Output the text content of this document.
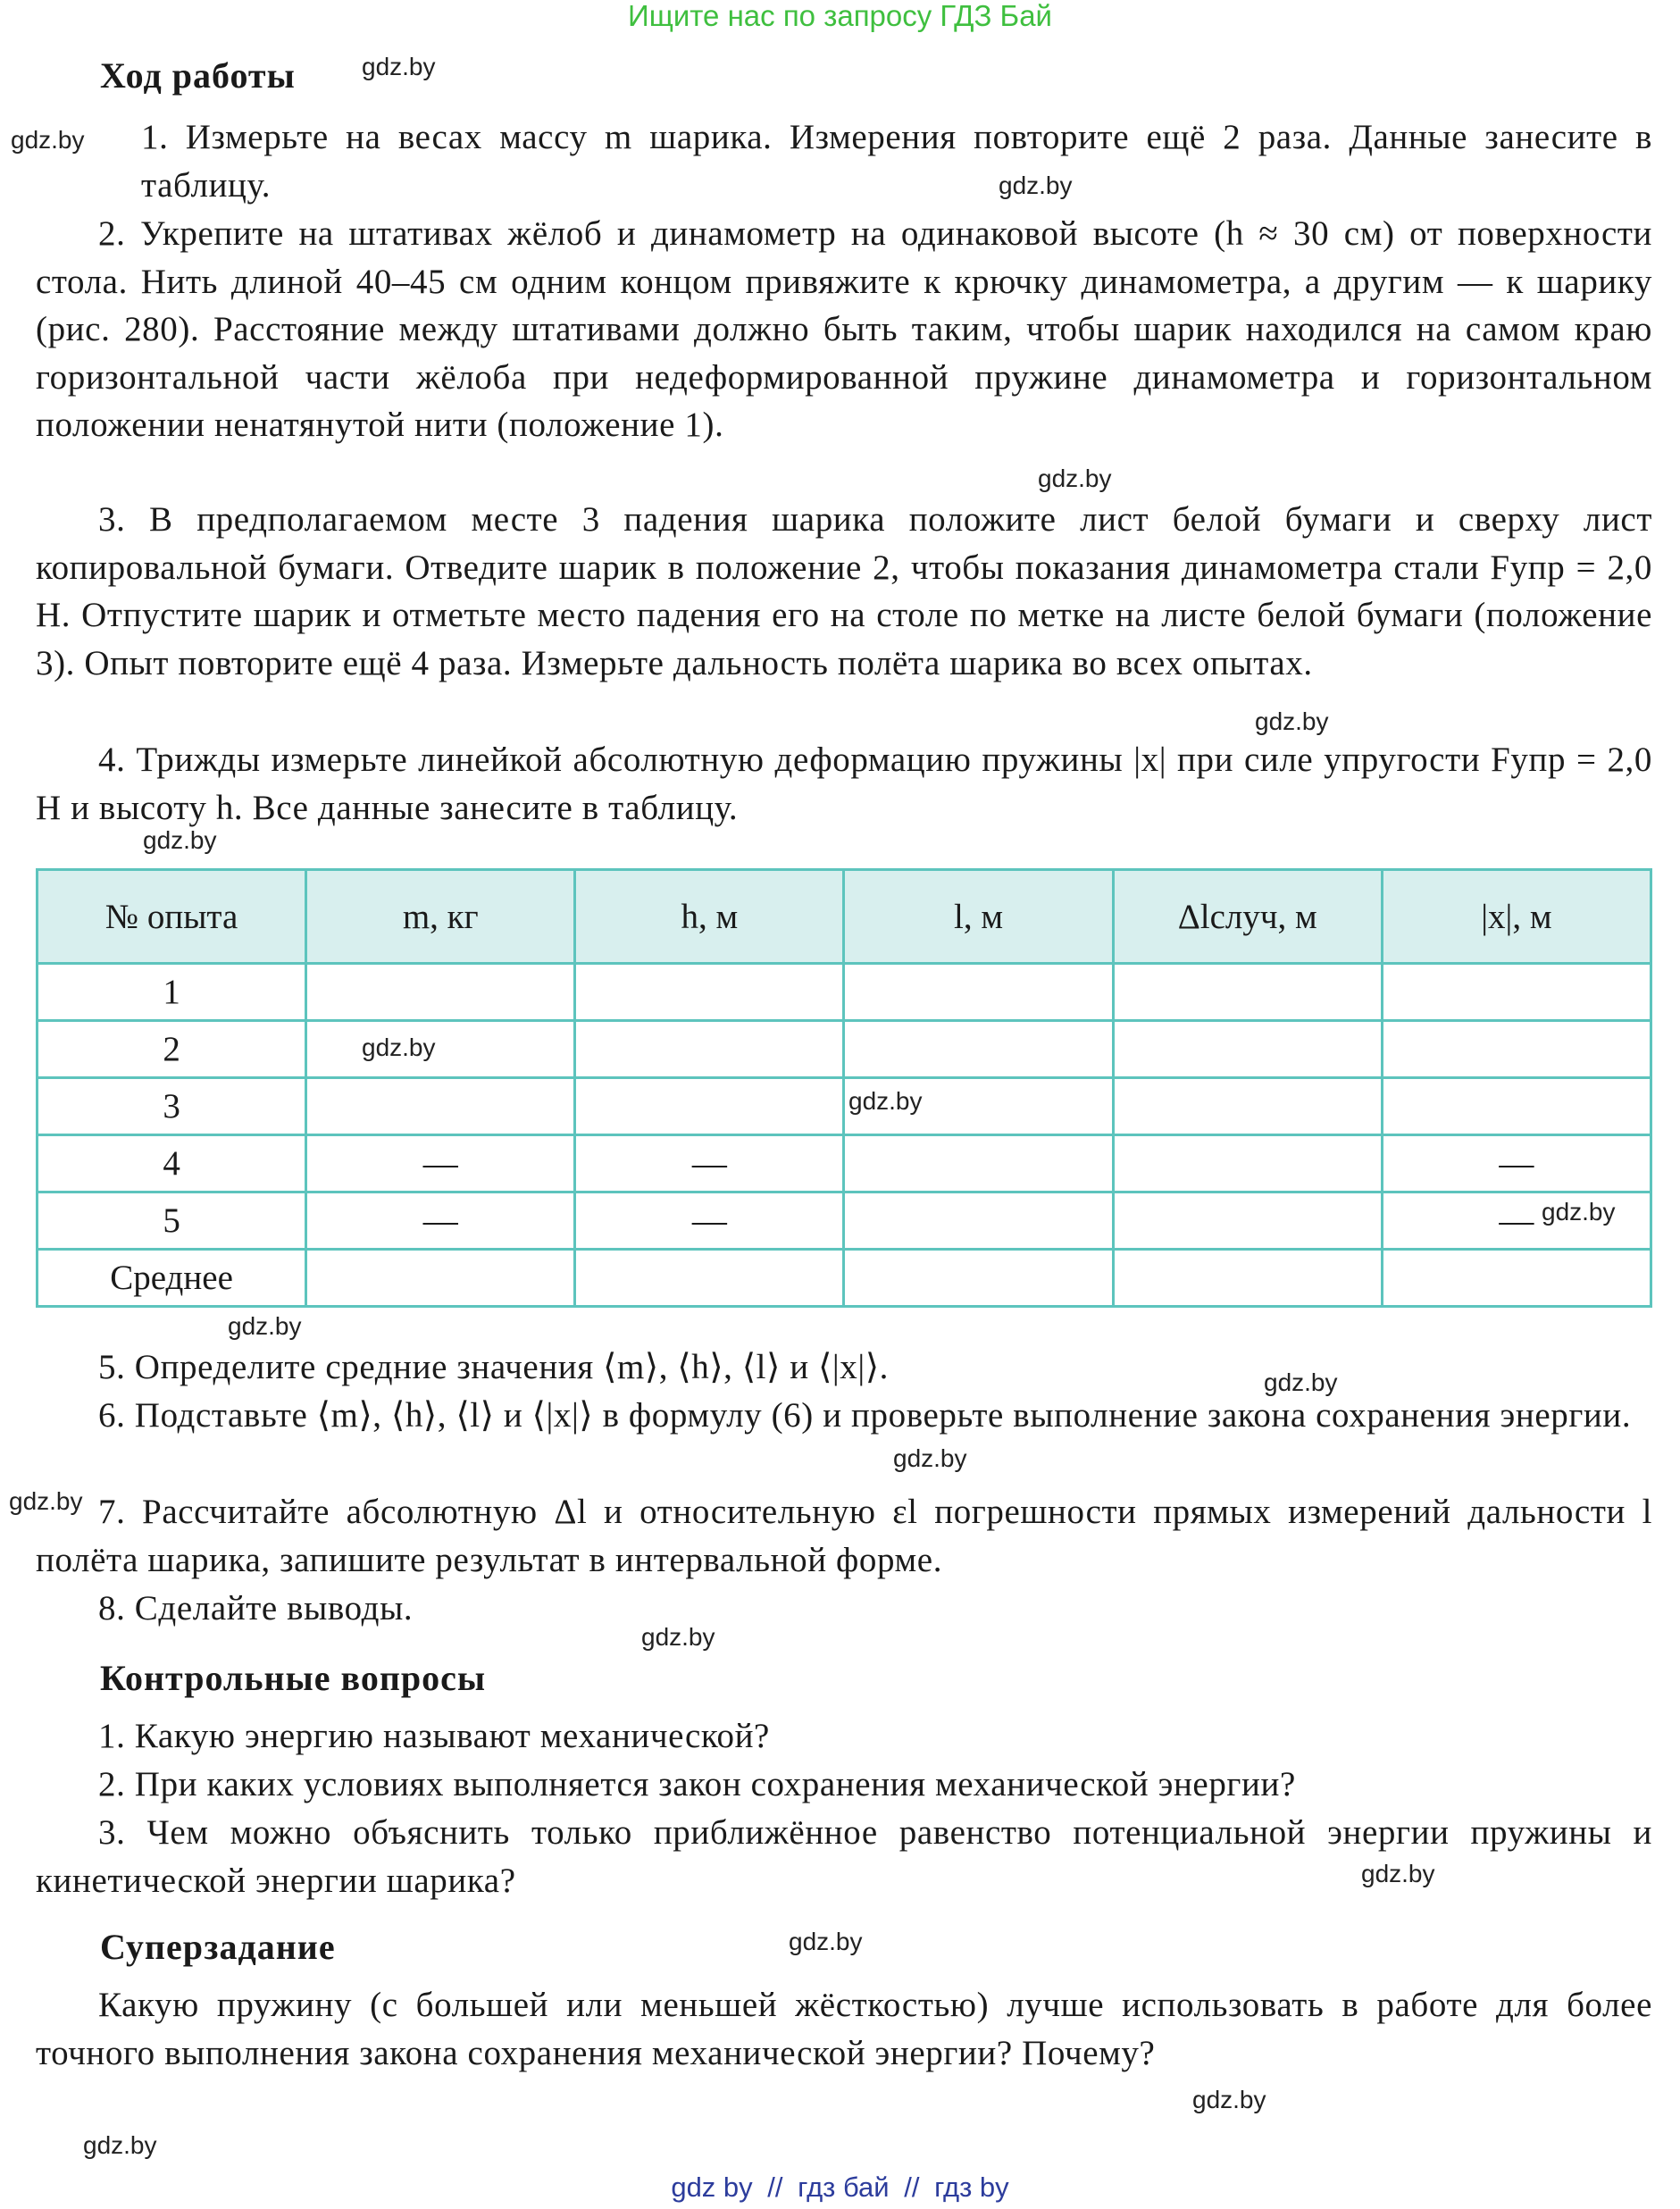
Ищите нас по запросу ГДЗ Бай
Ход работы
1. Измерьте на весах массу m шарика. Измерения повторите ещё 2 раза. Данные занесите в таблицу.
2. Укрепите на штативах жёлоб и динамометр на одинаковой высоте (h ≈ 30 см) от поверхности стола. Нить длиной 40–45 см одним концом привяжите к крючку динамометра, а другим — к шарику (рис. 280). Расстояние между штативами должно быть таким, чтобы шарик находился на самом краю горизонтальной части жёлоба при недеформированной пружине динамометра и горизонтальном положении ненатянутой нити (положение 1).
3. В предполагаемом месте 3 падения шарика положите лист белой бумаги и сверху лист копировальной бумаги. Отведите шарик в положение 2, чтобы показания динамометра стали Fупр = 2,0 Н. Отпустите шарик и отметьте место падения его на столе по метке на листе белой бумаги (положение 3). Опыт повторите ещё 4 раза. Измерьте дальность полёта шарика во всех опытах.
4. Трижды измерьте линейкой абсолютную деформацию пружины |x| при силе упругости Fупр = 2,0 Н и высоту h. Все данные занесите в таблицу.
№ опыта	m, кг	h, м	l, м	Δlслуч, м	|x|, м
1					
2					
3					
4	—	—			—
5	—	—			—
Среднее					
5. Определите средние значения ⟨m⟩, ⟨h⟩, ⟨l⟩ и ⟨|x|⟩.
6. Подставьте ⟨m⟩, ⟨h⟩, ⟨l⟩ и ⟨|x|⟩ в формулу (6) и проверьте выполнение закона сохранения энергии.
7. Рассчитайте абсолютную Δl и относительную εl погрешности прямых измерений дальности l полёта шарика, запишите результат в интервальной форме.
8. Сделайте выводы.
Контрольные вопросы
1. Какую энергию называют механической?
2. При каких условиях выполняется закон сохранения механической энергии?
3. Чем можно объяснить только приближённое равенство потенциальной энергии пружины и кинетической энергии шарика?
Суперзадание
Какую пружину (с большей или меньшей жёсткостью) лучше использовать в работе для более точного выполнения закона сохранения механической энергии? Почему?
gdz.by
gdz.by
gdz.by
gdz.by
gdz.by
gdz.by
gdz.by
gdz.by
gdz.by
gdz.by
gdz.by
gdz.by
gdz.by
gdz.by
gdz.by
gdz.by
gdz.by
gdz.by
gdz by // гдз бай // гдз by
